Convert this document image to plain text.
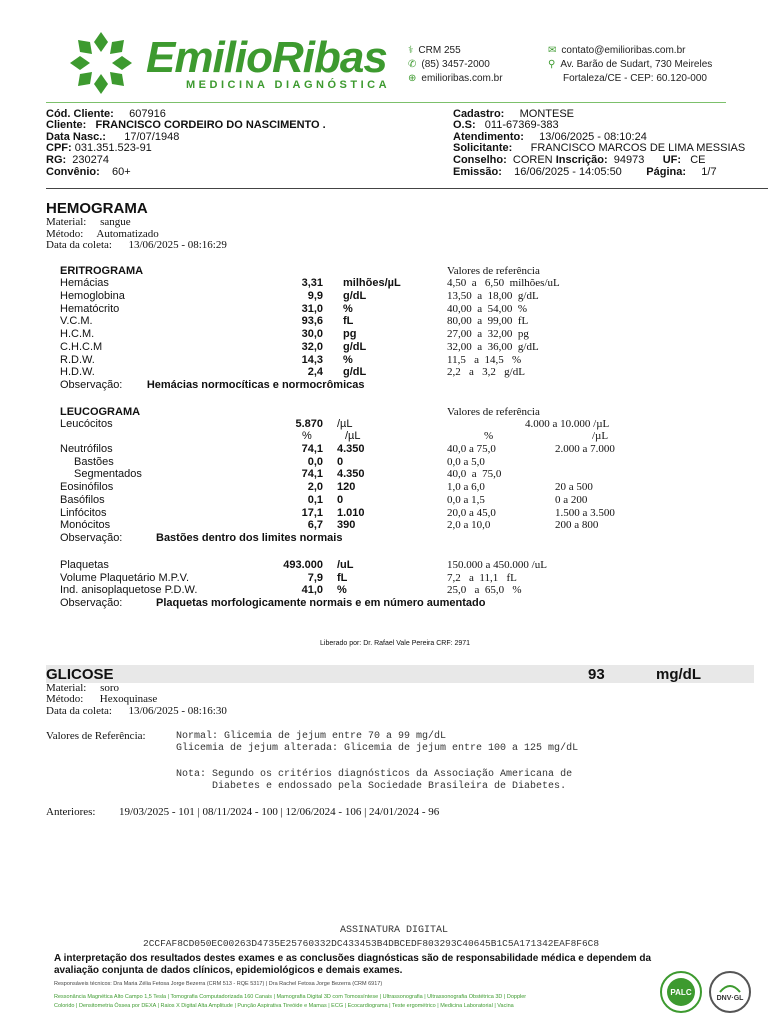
EmilioRibas
MEDICINA DIAGNÓSTICA
⚕ CRM 255
✆ (85) 3457-2000
⊕ emilioribas.com.br
✉ contato@emilioribas.com.br
⚲ Av. Barão de Sudart, 730 Meireles
Fortaleza/CE - CEP: 60.120-000
Cód. Cliente: 607916
Cliente: FRANCISCO CORDEIRO DO NASCIMENTO .
Data Nasc.: 17/07/1948
CPF: 031.351.523-91
RG: 230274
Convênio: 60+
Cadastro: MONTESE
O.S: 011-67369-383
Atendimento: 13/06/2025 - 08:10:24
Solicitante: FRANCISCO MARCOS DE LIMA MESSIAS
Conselho: COREN Inscrição: 94973 UF: CE
Emissão: 16/06/2025 - 14:05:50 Página: 1/7
HEMOGRAMA
Material:     sangue
Método:     Automatizado
Data da coleta:      13/06/2025 - 08:16:29
ERITROGRAMA	Valores de referência
Hemácias	3,31 milhões/µL	4,50  a   6,50  milhões/uL
Hemoglobina	9,9 g/dL	13,50  a  18,00  g/dL
Hematócrito	31,0 %	40,00  a  54,00  %
V.C.M.	93,6 fL	80,00  a  99,00  fL
H.C.M.	30,0 pg	27,00  a  32,00  pg
C.H.C.M	32,0 g/dL	32,00  a  36,00  g/dL
R.D.W.	14,3 %	11,5   a  14,5   %
H.D.W.	2,4 g/dL	2,2   a   3,2   g/dL
Observação: Hemácias normocíticas e normocrômicas
LEUCOGRAMA	Valores de referência
Leucócitos	5.870 /µL	4.000 a 10.000 /µL
%	/µL	%	/µL
Neutrófilos	74,1 4.350	40,0 a 75,0	2.000 a 7.000
Bastões	0,0 0	0,0 a 5,0
Segmentados	74,1 4.350	40,0  a  75,0
Eosinófilos	2,0 120	1,0 a 6,0	20 a 500
Basófilos	0,1 0	0,0 a 1,5	0 a 200
Linfócitos	17,1 1.010	20,0 a 45,0	1.500 a 3.500
Monócitos	6,7 390	2,0 a 10,0	200 a 800
Observação:	Bastões dentro dos limites normais
Plaquetas	493.000 /uL	150.000 a 450.000 /uL
Volume Plaquetário M.P.V.	7,9 fL	7,2   a  11,1   fL
Ind. anisoplaquetose P.D.W.	41,0 %	25,0   a  65,0   %
Observação:	Plaquetas morfologicamente normais e em número aumentado
Liberado por: Dr. Rafael Vale Pereira CRF: 2971
GLICOSE	93	mg/dL
Material:     soro
Método:      Hexoquinase
Data da coleta:      13/06/2025 - 08:16:30
Valores de Referência:	Normal: Glicemia de jejum entre 70 a 99 mg/dL
Glicemia de jejum alterada: Glicemia de jejum entre 100 a 125 mg/dL
Nota: Segundo os critérios diagnósticos da Associação Americana de
Diabetes e endossado pela Sociedade Brasileira de Diabetes.
Anteriores: 19/03/2025 - 101 | 08/11/2024 - 100 | 12/06/2024 - 106 | 24/01/2024 - 96
ASSINATURA DIGITAL
2CCFAF8CD050EC00263D4735E25760332DC433453B4DBCEDF803293C40645B1C5A171342EAF8F6C8
A interpretação dos resultados destes exames e as conclusões diagnósticas são de responsabilidade médica e dependem da
avaliação conjunta de dados clínicos, epidemiológicos e demais exames.
Responsáveis técnicos: Dra Maria Zélia Fetosa Jorge Bezerra (CRM 513 - RQE 5317) | Dra Rachel Fetosa Jorge Bezerra (CRM 6917)
Ressonância Magnética Alto Campo 1,5 Tesla | Tomografia Computadorizada 160 Canais | Mamografia Digital 3D com Tomossíntese | Ultrassonografia | Ultrassonografia Obstétrica 3D | Doppler
Colorido | Densitometria Óssea por DEXA | Raios X Digital Alta Amplitude | Punção Aspirativa Tireóide e Mamas | ECG | Ecocardiograma | Teste ergométrico | Medicina Laboratorial | Vacina
PALC
DNV·GL
